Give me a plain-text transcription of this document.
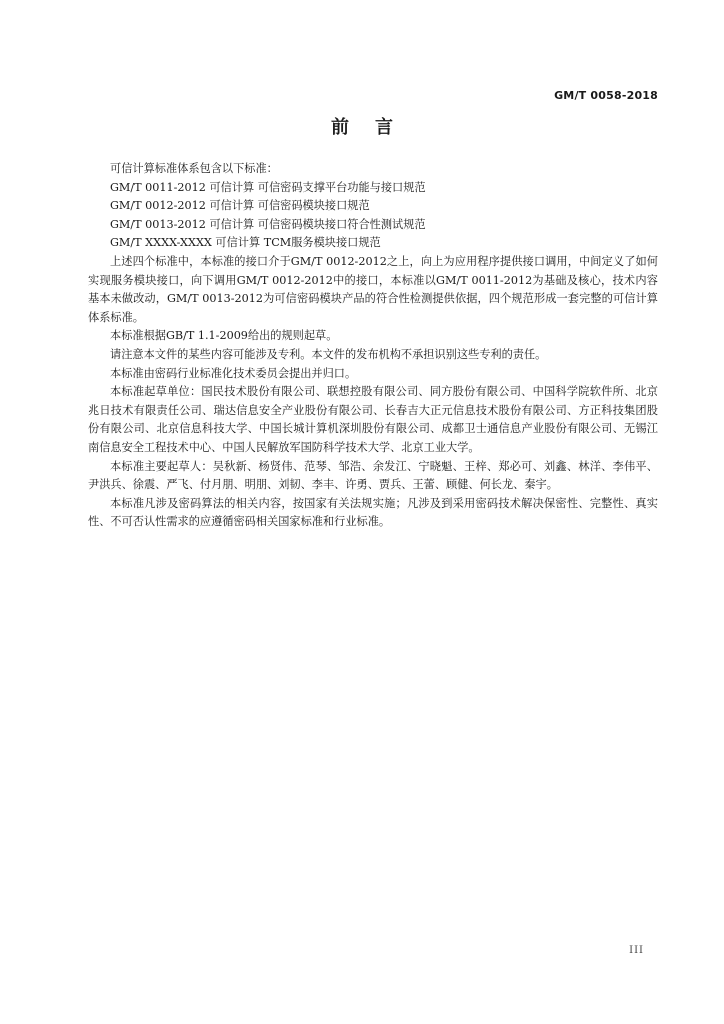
GM/T 0058-2018
前言

可信计算标准体系包含以下标准：

GM/T 0011-2012 可信计算 可信密码支撑平台功能与接口规范

GM/T 0012-2012 可信计算 可信密码模块接口规范

GM/T 0013-2012 可信计算 可信密码模块接口符合性测试规范

GM/T XXXX-XXXX 可信计算 TCM服务模块接口规范

上述四个标准中，本标准的接口介于GM/T 0012-2012之上，向上为应用程序提供接口调用，中间定义了如何实现服务模块接口，向下调用GM/T 0012-2012中的接口，本标准以GM/T 0011-2012为基础及核心，技术内容基本未做改动，GM/T 0013-2012为可信密码模块产品的符合性检测提供依据，四个规范形成一套完整的可信计算体系标准。

本标准根据GB/T 1.1-2009给出的规则起草。

请注意本文件的某些内容可能涉及专利。本文件的发布机构不承担识别这些专利的责任。

本标准由密码行业标准化技术委员会提出并归口。

本标准起草单位：国民技术股份有限公司、联想控股有限公司、同方股份有限公司、中国科学院软件所、北京兆日技术有限责任公司、瑞达信息安全产业股份有限公司、长春吉大正元信息技术股份有限公司、方正科技集团股份有限公司、北京信息科技大学、中国长城计算机深圳股份有限公司、成都卫士通信息产业股份有限公司、无锡江南信息安全工程技术中心、中国人民解放军国防科学技术大学、北京工业大学。

本标准主要起草人：吴秋新、杨贤伟、范琴、邹浩、余发江、宁晓魁、王梓、郑必可、刘鑫、林洋、李伟平、尹洪兵、徐震、严飞、付月朋、明朋、刘韧、李丰、许勇、贾兵、王蕾、顾健、何长龙、秦宇。

本标准凡涉及密码算法的相关内容，按国家有关法规实施；凡涉及到采用密码技术解决保密性、完整性、真实性、不可否认性需求的应遵循密码相关国家标准和行业标准。

III
